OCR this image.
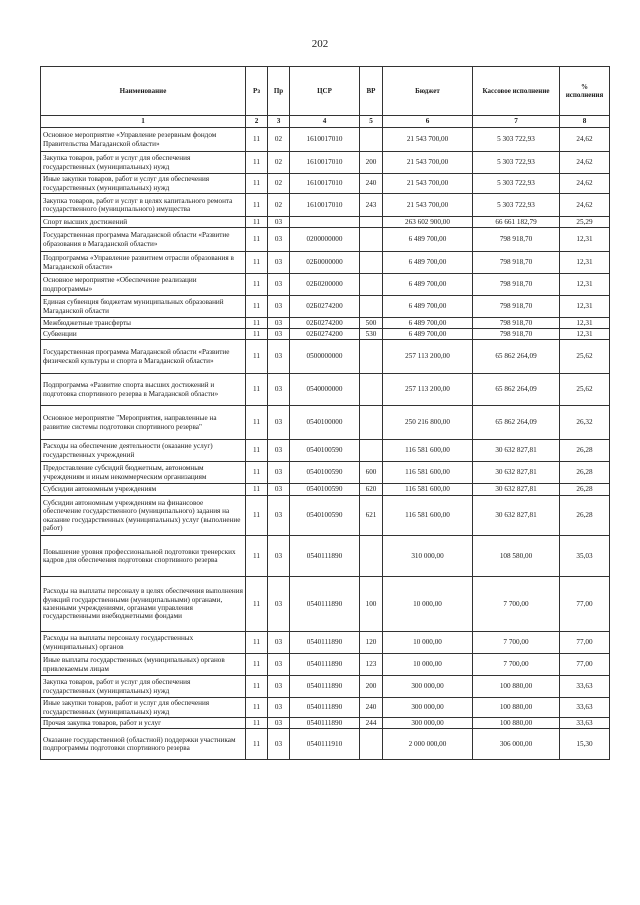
202
Наименование	Рз	Пр	ЦСР	ВР	Бюджет	Кассовое исполнение	% исполнения
1	2	3	4	5	6	7	8
Основное мероприятие «Управление резервным фондом Правительства Магаданской области»	11	02	1610017010		21 543 700,00	5 303 722,93	24,62
Закупка товаров, работ и услуг для обеспечения государственных (муниципальных) нужд	11	02	1610017010	200	21 543 700,00	5 303 722,93	24,62
Иные закупки товаров, работ и услуг для обеспечения государственных (муниципальных) нужд	11	02	1610017010	240	21 543 700,00	5 303 722,93	24,62
Закупка товаров, работ и услуг в целях капитального ремонта государственного (муниципального) имущества	11	02	1610017010	243	21 543 700,00	5 303 722,93	24,62
Спорт высших достижений	11	03			263 602 900,00	66 661 182,79	25,29
Государственная программа Магаданской области «Развитие образования в Магаданской области»	11	03	0200000000		6 489 700,00	798 918,70	12,31
Подпрограмма «Управление развитием отрасли образования в Магаданской области»	11	03	02Б0000000		6 489 700,00	798 918,70	12,31
Основное мероприятие «Обеспечение реализации подпрограммы»	11	03	02Б0200000		6 489 700,00	798 918,70	12,31
Единая субвенция бюджетам муниципальных образований Магаданской области	11	03	02Б0274200		6 489 700,00	798 918,70	12,31
Межбюджетные трансферты	11	03	02Б0274200	500	6 489 700,00	798 918,70	12,31
Субвенции	11	03	02Б0274200	530	6 489 700,00	798 918,70	12,31
Государственная программа Магаданской области «Развитие физической культуры и спорта в Магаданской области»	11	03	0500000000		257 113 200,00	65 862 264,09	25,62
Подпрограмма «Развитие спорта высших достижений и подготовка спортивного резерва в Магаданской области»	11	03	0540000000		257 113 200,00	65 862 264,09	25,62
Основное мероприятие "Мероприятия, направленные на развитие системы подготовки спортивного резерва"	11	03	0540100000		250 216 800,00	65 862 264,09	26,32
Расходы на обеспечение деятельности (оказание услуг) государственных учреждений	11	03	0540100590		116 581 600,00	30 632 827,81	26,28
Предоставление субсидий бюджетным, автономным учреждениям и иным некоммерческим организациям	11	03	0540100590	600	116 581 600,00	30 632 827,81	26,28
Субсидии автономным учреждениям	11	03	0540100590	620	116 581 600,00	30 632 827,81	26,28
Субсидии автономным учреждениям на финансовое обеспечение государственного (муниципального) задания на оказание государственных (муниципальных) услуг (выполнение работ)	11	03	0540100590	621	116 581 600,00	30 632 827,81	26,28
Повышение уровня профессиональной подготовки тренерских кадров для обеспечения подготовки спортивного резерва	11	03	0540111890		310 000,00	108 580,00	35,03
Расходы на выплаты персоналу в целях обеспечения выполнения функций государственными (муниципальными) органами, казенными учреждениями, органами управления государственными внебюджетными фондами	11	03	0540111890	100	10 000,00	7 700,00	77,00
Расходы на выплаты персоналу государственных (муниципальных) органов	11	03	0540111890	120	10 000,00	7 700,00	77,00
Иные выплаты государственных (муниципальных) органов привлекаемым лицам	11	03	0540111890	123	10 000,00	7 700,00	77,00
Закупка товаров, работ и услуг для обеспечения государственных (муниципальных) нужд	11	03	0540111890	200	300 000,00	100 880,00	33,63
Иные закупки товаров, работ и услуг для обеспечения государственных (муниципальных) нужд	11	03	0540111890	240	300 000,00	100 880,00	33,63
Прочая закупка товаров, работ и услуг	11	03	0540111890	244	300 000,00	100 880,00	33,63
Оказание государственной (областной) поддержки участникам подпрограммы подготовки спортивного резерва	11	03	0540111910		2 000 000,00	306 000,00	15,30
